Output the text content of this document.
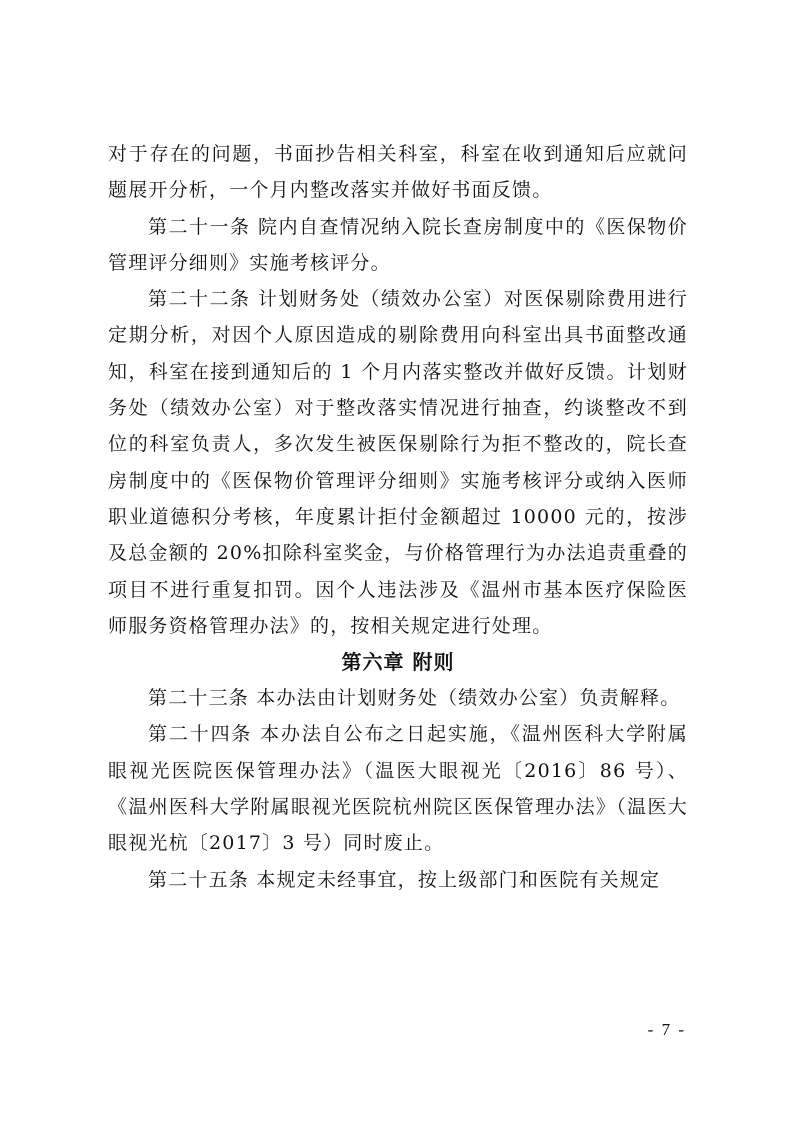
对于存在的问题，书面抄告相关科室，科室在收到通知后应就问题展开分析，一个月内整改落实并做好书面反馈。

第二十一条 院内自查情况纳入院长查房制度中的《医保物价管理评分细则》实施考核评分。

第二十二条 计划财务处（绩效办公室）对医保剔除费用进行定期分析，对因个人原因造成的剔除费用向科室出具书面整改通知，科室在接到通知后的 1 个月内落实整改并做好反馈。计划财务处（绩效办公室）对于整改落实情况进行抽查，约谈整改不到位的科室负责人，多次发生被医保剔除行为拒不整改的，院长查房制度中的《医保物价管理评分细则》实施考核评分或纳入医师职业道德积分考核，年度累计拒付金额超过 10000 元的，按涉及总金额的 20%扣除科室奖金，与价格管理行为办法追责重叠的项目不进行重复扣罚。因个人违法涉及《温州市基本医疗保险医师服务资格管理办法》的，按相关规定进行处理。

第六章 附则

第二十三条 本办法由计划财务处（绩效办公室）负责解释。

第二十四条 本办法自公布之日起实施，《温州医科大学附属眼视光医院医保管理办法》（温医大眼视光〔2016〕86 号）、《温州医科大学附属眼视光医院杭州院区医保管理办法》（温医大眼视光杭〔2017〕3 号）同时废止。

第二十五条 本规定未经事宜，按上级部门和医院有关规定

- 7 -
